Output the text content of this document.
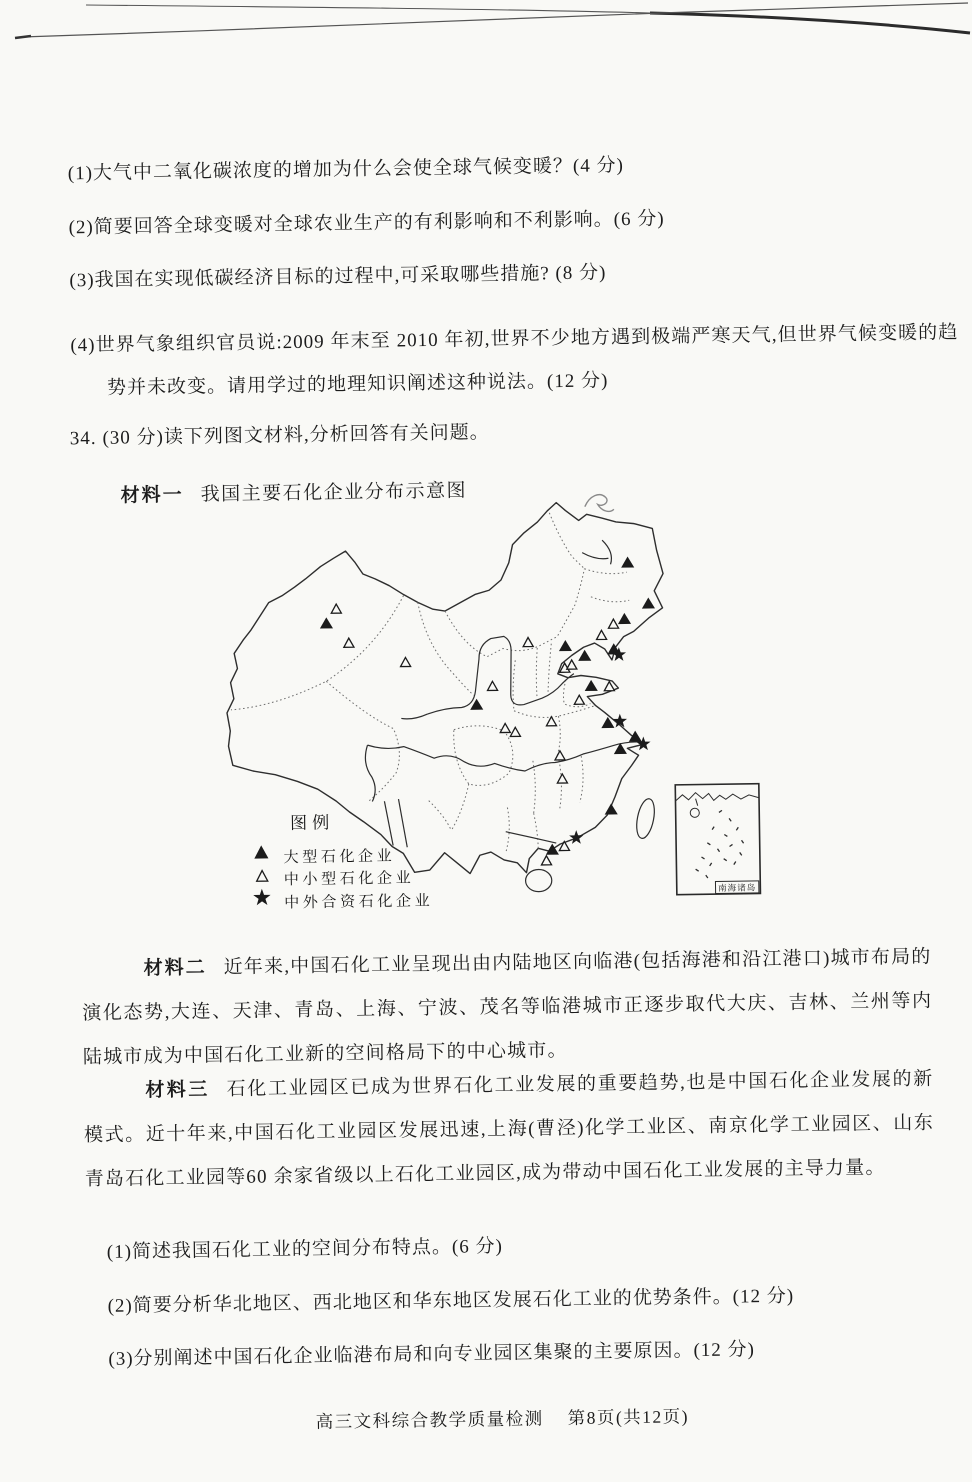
(1)大气中二氧化碳浓度的增加为什么会使全球气候变暖？(4 分)

(2)简要回答全球变暖对全球农业生产的有利影响和不利影响。(6 分)

(3)我国在实现低碳经济目标的过程中,可采取哪些措施? (8 分)

(4)世界气象组织官员说:2009 年末至 2010 年初,世界不少地方遇到极端严寒天气,但世界气候变暖的趋势并未改变。请用学过的地理知识阐述这种说法。(12 分)

34. (30 分)读下列图文材料,分析回答有关问题。

材料一 我国主要石化企业分布示意图
南海诸岛
图例
大型石化企业
中小型石化企业
中外合资石化企业

材料二 近年来,中国石化工业呈现出由内陆地区向临港(包括海港和沿江港口)城市布局的演化态势,大连、天津、青岛、上海、宁波、茂名等临港城市正逐步取代大庆、吉林、兰州等内陆城市成为中国石化工业新的空间格局下的中心城市。

材料三 石化工业园区已成为世界石化工业发展的重要趋势,也是中国石化企业发展的新模式。近十年来,中国石化工业园区发展迅速,上海(曹泾)化学工业区、南京化学工业园区、山东青岛石化工业园等60 余家省级以上石化工业园区,成为带动中国石化工业发展的主导力量。

(1)简述我国石化工业的空间分布特点。(6 分)

(2)简要分析华北地区、西北地区和华东地区发展石化工业的优势条件。(12 分)

(3)分别阐述中国石化企业临港布局和向专业园区集聚的主要原因。(12 分)

高三文科综合教学质量检测 第8页(共12页)
